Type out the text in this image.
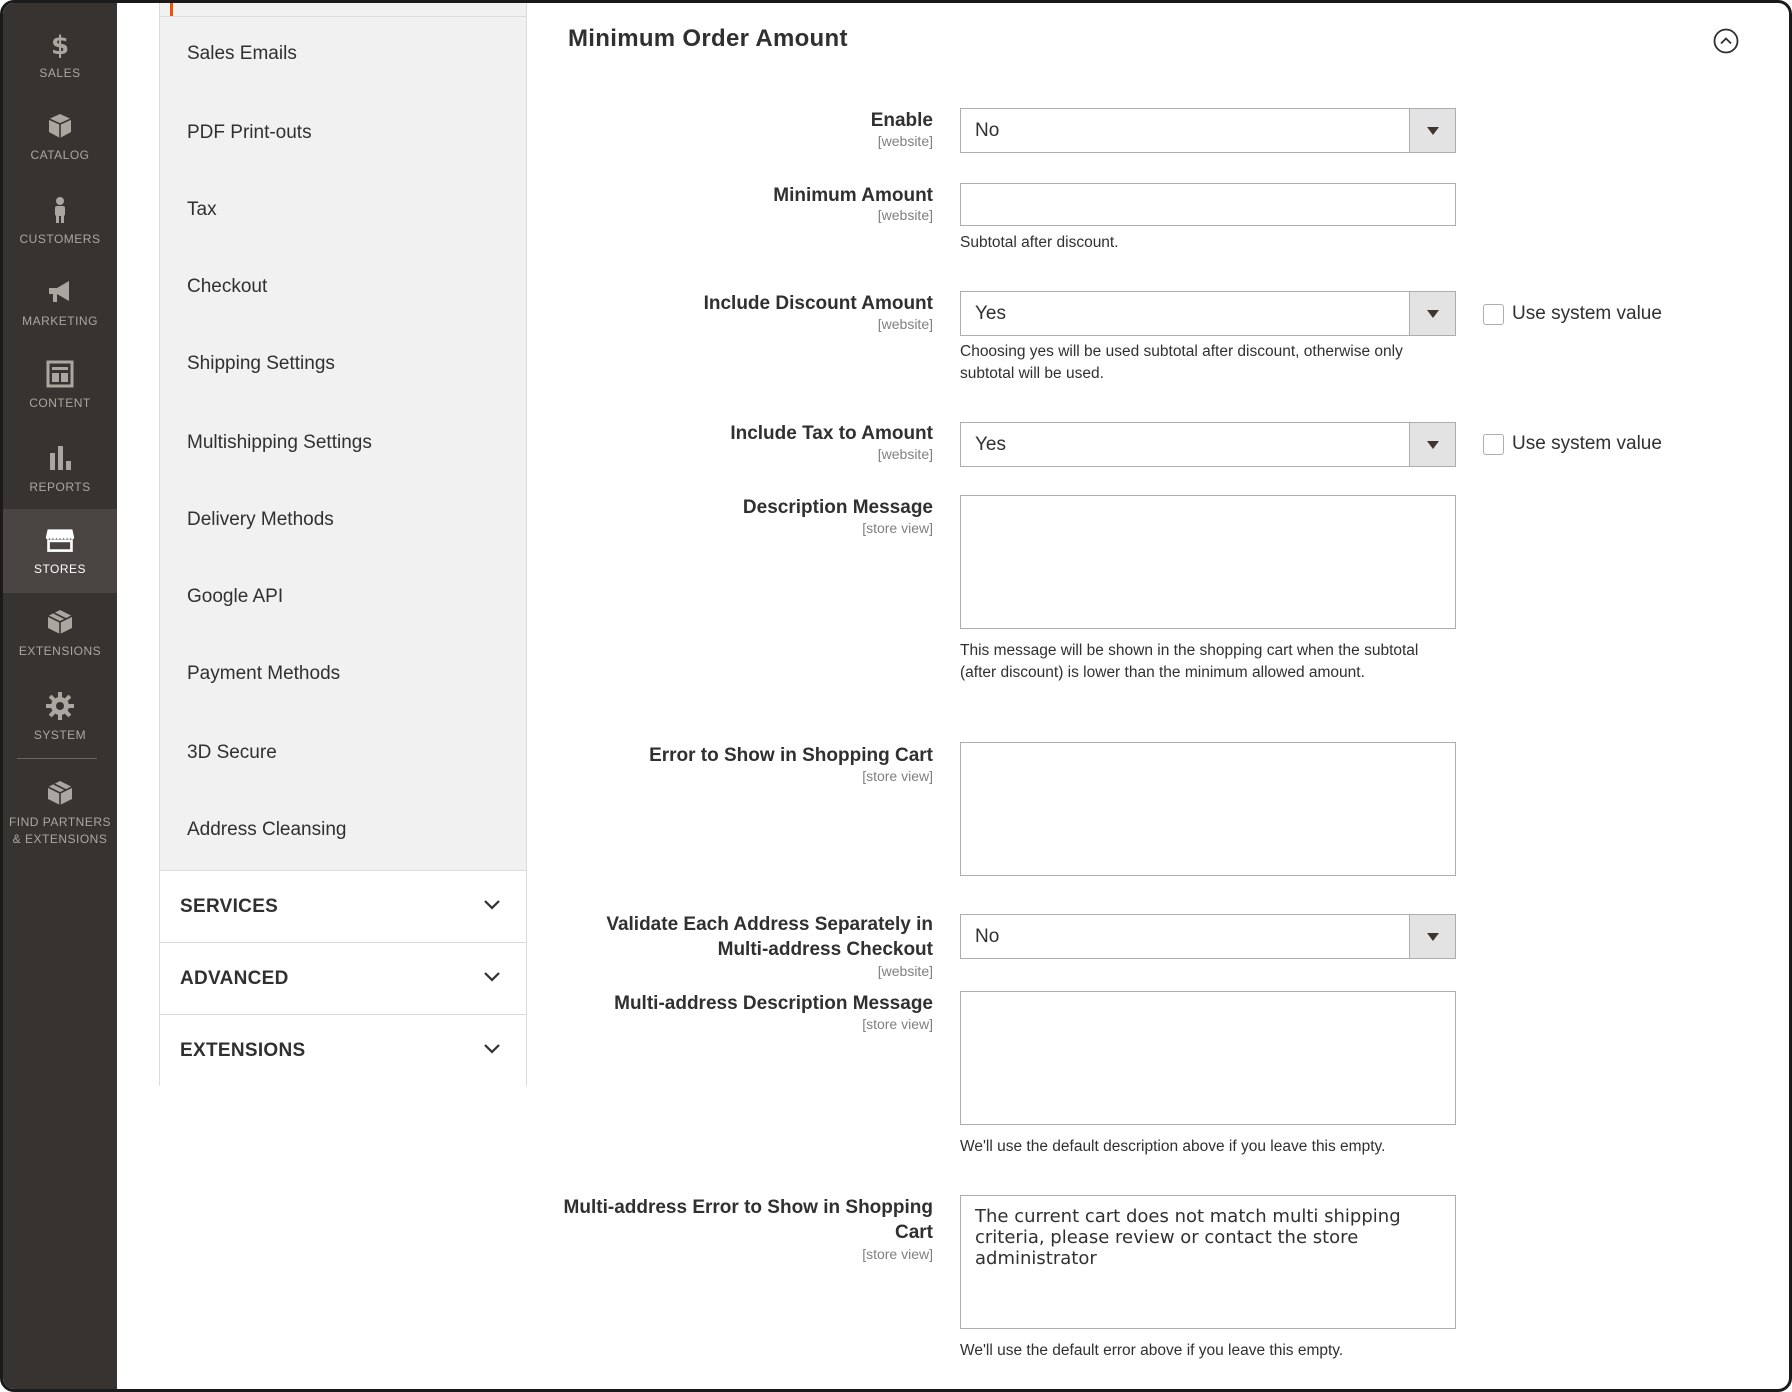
$
SALES
CATALOG
CUSTOMERS
MARKETING
CONTENT
REPORTS
STORES
EXTENSIONS
SYSTEM
FIND PARTNERS
& EXTENSIONS
Sales Emails
PDF Print-outs
Tax
Checkout
Shipping Settings
Multishipping Settings
Delivery Methods
Google API
Payment Methods
3D Secure
Address Cleansing
SERVICES
ADVANCED
EXTENSIONS
Minimum Order Amount
Enable
[website]
No
Minimum Amount
[website]
Subtotal after discount.
Include Discount Amount
[website]
Yes	Use system value
Choosing yes will be used subtotal after discount, otherwise only subtotal will be used.
Include Tax to Amount
[website] Yes	Use system value
Description Message
[store view]
This message will be shown in the shopping cart when the subtotal (after discount) is lower than the minimum allowed amount.
Error to Show in Shopping Cart
[store view]
Validate Each Address Separately in
Multi-address Checkout
[website]
No
Multi-address Description Message
[store view]
We'll use the default description above if you leave this empty.
Multi-address Error to Show in Shopping
Cart
[store view]
The current cart does not match multi shipping criteria, please review or contact the store administrator
We'll use the default error above if you leave this empty.
